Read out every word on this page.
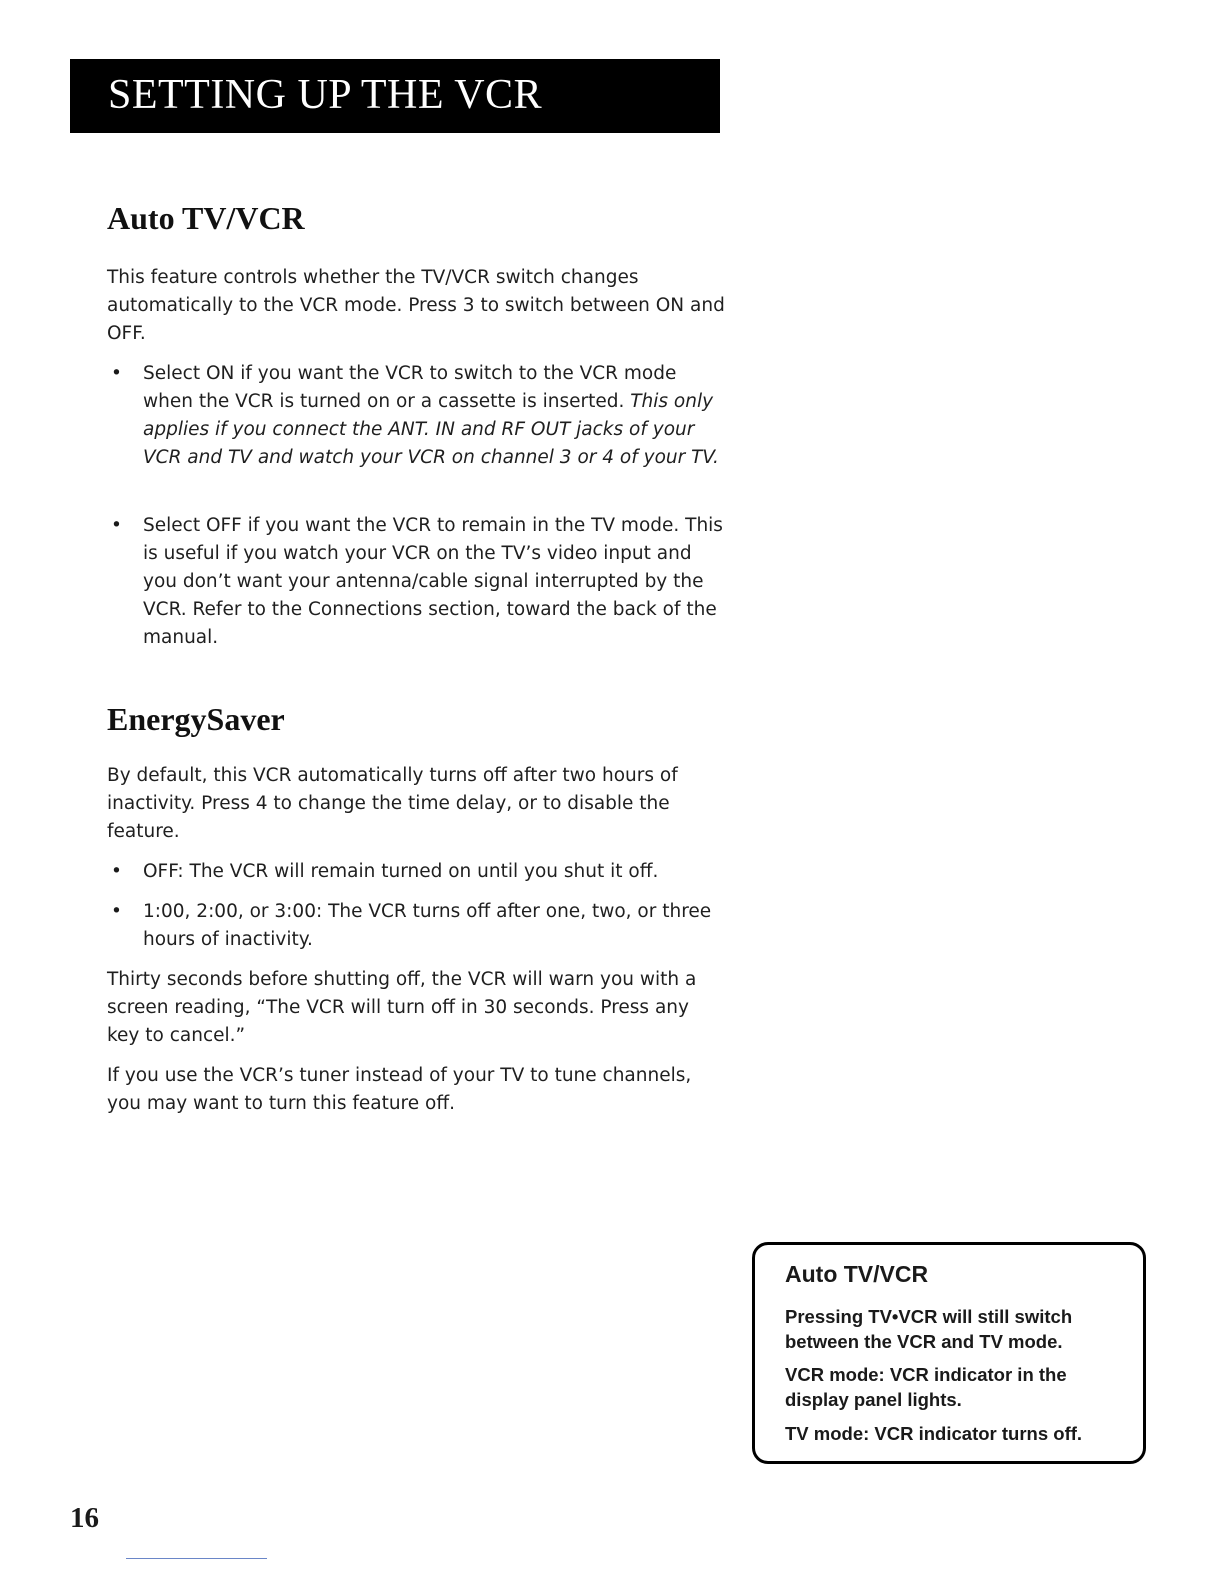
SETTING UP THE VCR
Auto TV/VCR

This feature controls whether the TV/VCR switch changes automatically to the VCR mode. Press 3 to switch between ON and OFF.

• Select ON if you want the VCR to switch to the VCR mode when the VCR is turned on or a cassette is inserted. This only applies if you connect the ANT. IN and RF OUT jacks of your VCR and TV and watch your VCR on channel 3 or 4 of your TV.
• Select OFF if you want the VCR to remain in the TV mode. This is useful if you watch your VCR on the TV’s video input and you don’t want your antenna/cable signal interrupted by the VCR. Refer to the Connections section, toward the back of the manual.
EnergySaver

By default, this VCR automatically turns off after two hours of inactivity. Press 4 to change the time delay, or to disable the feature.

• OFF: The VCR will remain turned on until you shut it off.
• 1:00, 2:00, or 3:00: The VCR turns off after one, two, or three hours of inactivity.

Thirty seconds before shutting off, the VCR will warn you with a screen reading, “The VCR will turn off in 30 seconds. Press any key to cancel.”

If you use the VCR’s tuner instead of your TV to tune channels, you may want to turn this feature off.

Auto TV/VCR

Pressing TV•VCR will still switch between the VCR and TV mode.

VCR mode: VCR indicator in the display panel lights.

TV mode: VCR indicator turns off.

16
